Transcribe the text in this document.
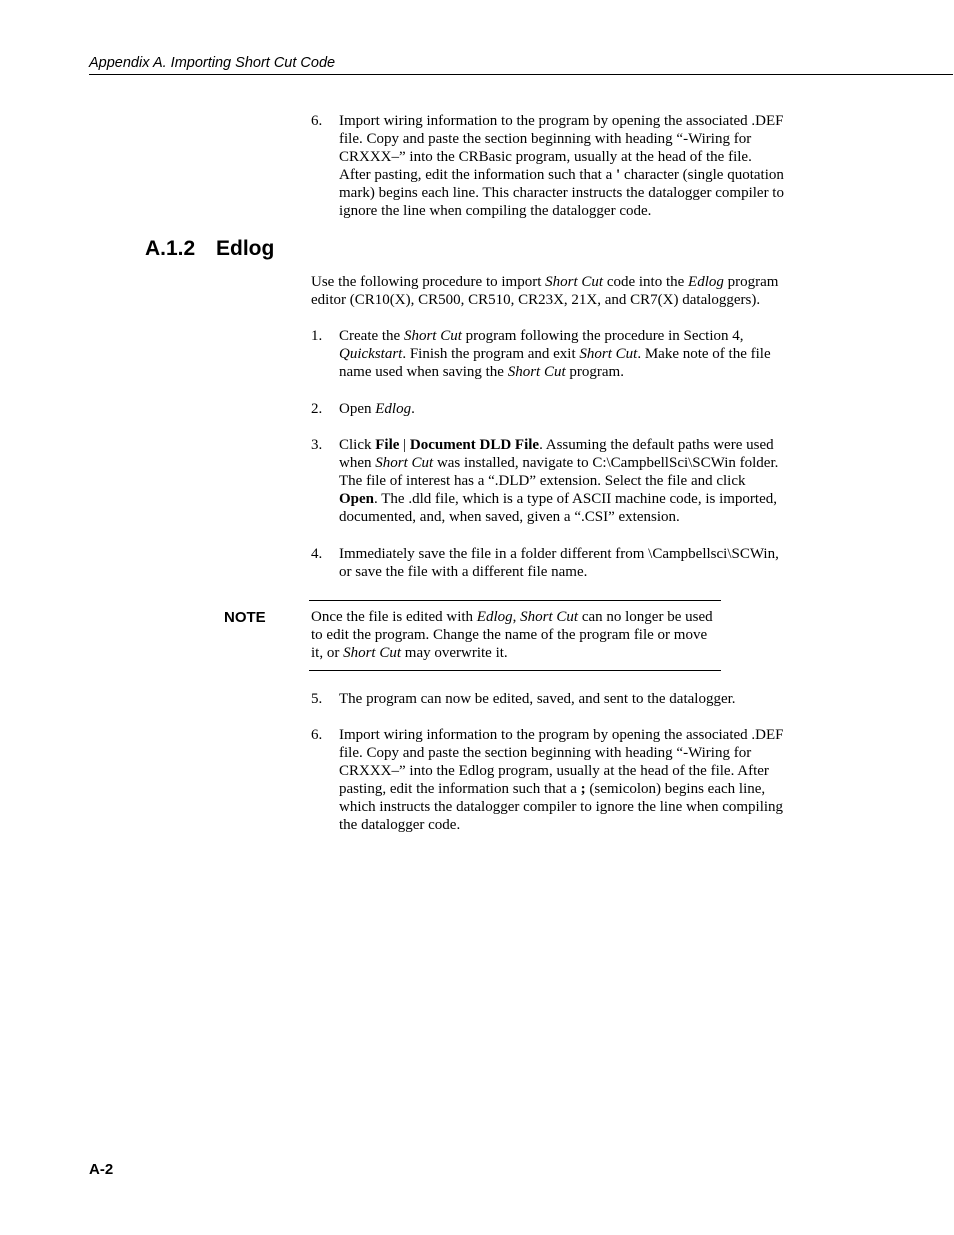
Appendix A. Importing Short Cut Code
6.	Import wiring information to the program by opening the associated .DEF
file. Copy and paste the section beginning with heading “-Wiring for
CRXXX–” into the CRBasic program, usually at the head of the file.
After pasting, edit the information such that a ' character (single quotation
mark) begins each line. This character instructs the datalogger compiler to
ignore the line when compiling the datalogger code.
A.1.2 Edlog
Use the following procedure to import Short Cut code into the Edlog program
editor (CR10(X), CR500, CR510, CR23X, 21X, and CR7(X) dataloggers).
1.	Create the Short Cut program following the procedure in Section 4,
Quickstart. Finish the program and exit Short Cut. Make note of the file
name used when saving the Short Cut program.
2.	Open Edlog.
3.	Click File | Document DLD File. Assuming the default paths were used
when Short Cut was installed, navigate to C:\CampbellSci\SCWin folder.
The file of interest has a “.DLD” extension. Select the file and click
Open. The .dld file, which is a type of ASCII machine code, is imported,
documented, and, when saved, given a “.CSI” extension.
4.	Immediately save the file in a folder different from \Campbellsci\SCWin,
or save the file with a different file name.
NOTE	Once the file is edited with Edlog, Short Cut can no longer be used
to edit the program. Change the name of the program file or move
it, or Short Cut may overwrite it.
5.	The program can now be edited, saved, and sent to the datalogger.
6.	Import wiring information to the program by opening the associated .DEF
file. Copy and paste the section beginning with heading “-Wiring for
CRXXX–” into the Edlog program, usually at the head of the file. After
pasting, edit the information such that a ; (semicolon) begins each line,
which instructs the datalogger compiler to ignore the line when compiling
the datalogger code.
A-2
